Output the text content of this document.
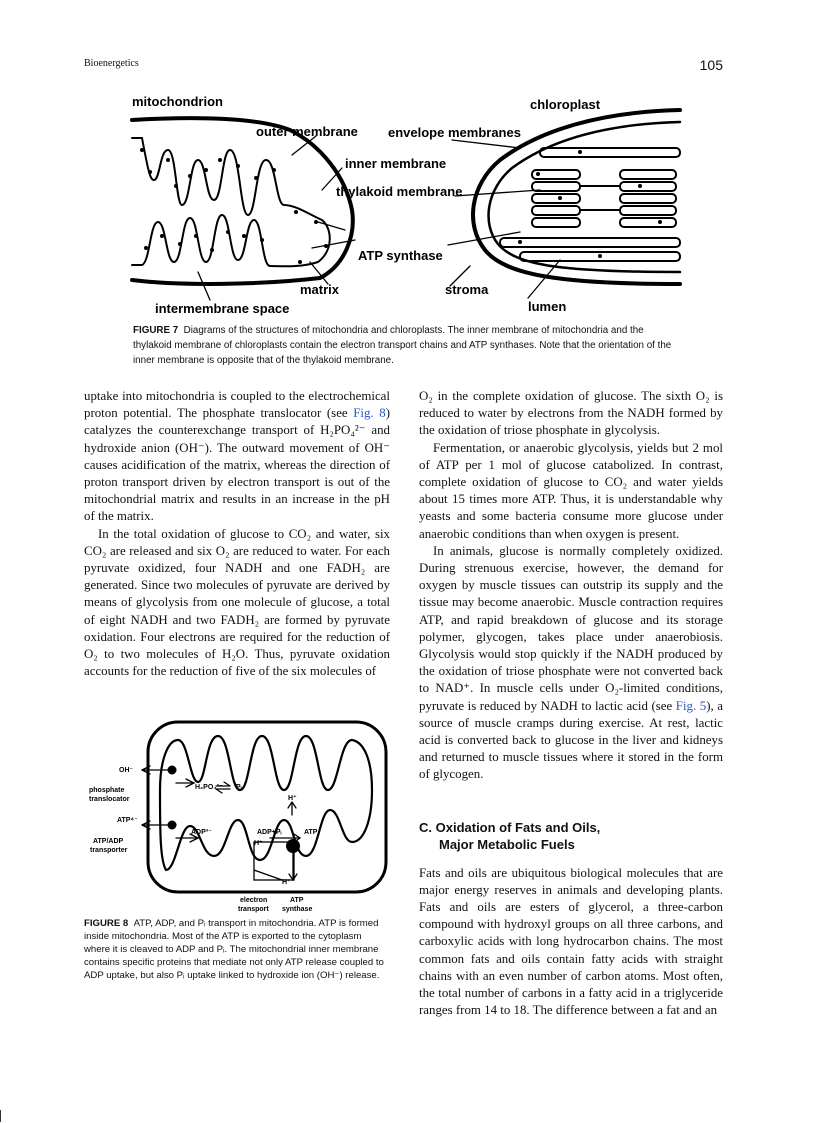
Bioenergetics	105
mitochondrion	chloroplast
outer membrane envelope membranes
inner membrane
thylakoid membrane
ATP synthase
matrix	stroma
intermembrane space	lumen
FIGURE 7 Diagrams of the structures of mitochondria and chloroplasts. The inner membrane of mitochondria and the thylakoid membrane of chloroplasts contain the electron transport chains and ATP synthases. Note that the orientation of the inner membrane is opposite that of the thylakoid membrane.
OH⁻
phosphate
translocator
ATP⁴⁻
ATP/ADP
transporter
H₂PO₄²⁻ Pᵢ
H⁺
ADP³⁻	ADP+Pᵢ	ATP
H⁺
H⁺
electron
transport
ATP
synthase
FIGURE 8 ATP, ADP, and Pᵢ transport in mitochondria. ATP is formed inside mitochondria. Most of the ATP is exported to the cytoplasm where it is cleaved to ADP and Pᵢ. The mitochondrial inner membrane contains specific proteins that mediate not only ATP release coupled to ADP uptake, but also Pᵢ uptake linked to hydroxide ion (OH⁻) release.

uptake into mitochondria is coupled to the electrochemical proton potential. The phosphate translocator (see Fig. 8) catalyzes the counterexchange transport of H₂PO₄²⁻ and hydroxide anion (OH⁻). The outward movement of OH⁻ causes acidification of the matrix, whereas the direction of proton transport driven by electron transport is out of the mitochondrial matrix and results in an increase in the pH of the matrix.

In the total oxidation of glucose to CO₂ and water, six CO₂ are released and six O₂ are reduced to water. For each pyruvate oxidized, four NADH and one FADH₂ are generated. Since two molecules of pyruvate are derived by means of glycolysis from one molecule of glucose, a total of eight NADH and two FADH₂ are formed by pyruvate oxidation. Four electrons are required for the reduction of O₂ to two molecules of H₂O. Thus, pyruvate oxidation accounts for the reduction of five of the six molecules of

O₂ in the complete oxidation of glucose. The sixth O₂ is reduced to water by electrons from the NADH formed by the oxidation of triose phosphate in glycolysis.

Fermentation, or anaerobic glycolysis, yields but 2 mol of ATP per 1 mol of glucose catabolized. In contrast, complete oxidation of glucose to CO₂ and water yields about 15 times more ATP. Thus, it is understandable why yeasts and some bacteria consume more glucose under anaerobic conditions than when oxygen is present.

In animals, glucose is normally completely oxidized. During strenuous exercise, however, the demand for oxygen by muscle tissues can outstrip its supply and the tissue may become anaerobic. Muscle contraction requires ATP, and rapid breakdown of glucose and its storage polymer, glycogen, takes place under anaerobiosis. Glycolysis would stop quickly if the NADH produced by the oxidation of triose phosphate were not converted back to NAD⁺. In muscle cells under O₂-limited conditions, pyruvate is reduced by NADH to lactic acid (see Fig. 5), a source of muscle cramps during exercise. At rest, lactic acid is converted back to glucose in the liver and kidneys and returned to muscle tissues where it stored in the form of glycogen.

C. Oxidation of Fats and Oils,
Major Metabolic Fuels

Fats and oils are ubiquitous biological molecules that are major energy reserves in animals and developing plants. Fats and oils are esters of glycerol, a three-carbon compound with hydroxyl groups on all three carbons, and carboxylic acids with long hydrocarbon chains. The most common fats and oils contain fatty acids with straight chains with an even number of carbon atoms. Most often, the total number of carbons in a fatty acid in a triglyceride ranges from 14 to 18. The difference between a fat and an
